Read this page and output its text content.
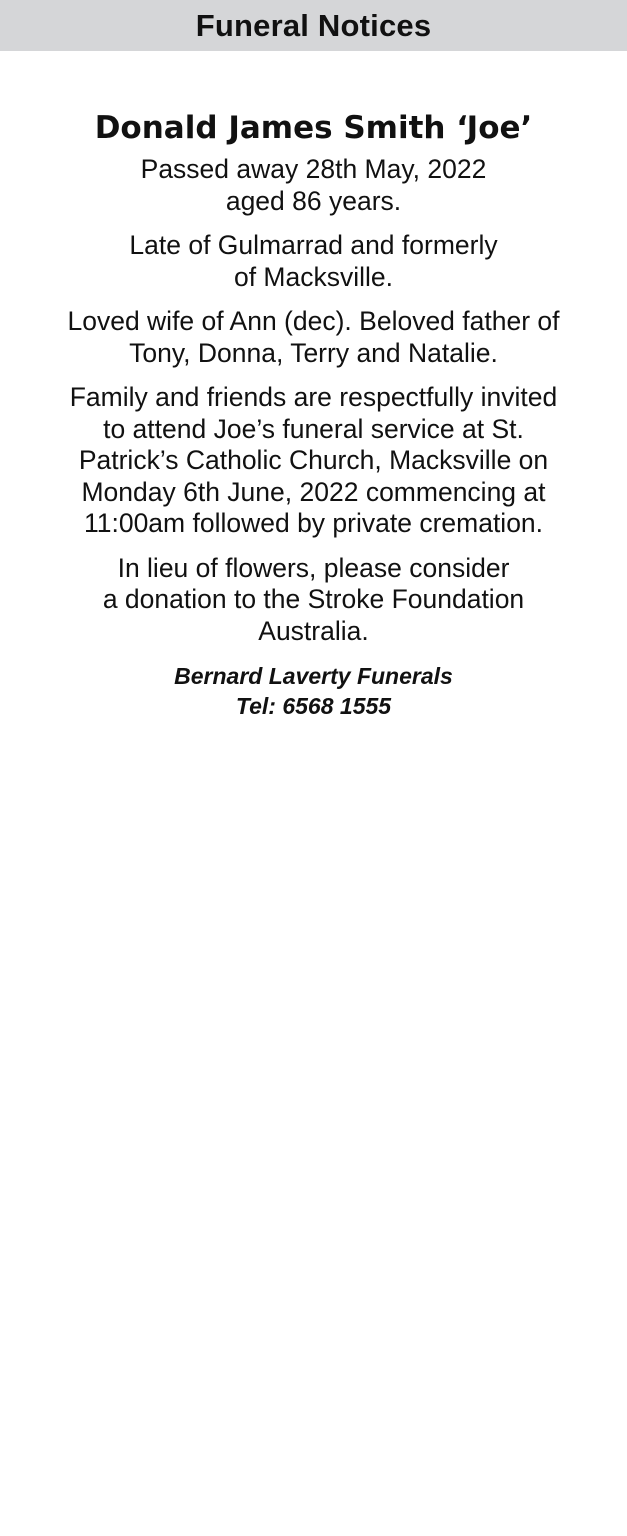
Funeral Notices
Donald James Smith ‘Joe’
Passed away 28th May, 2022
aged 86 years.
Late of Gulmarrad and formerly
of Macksville.
Loved wife of Ann (dec). Beloved father of
Tony, Donna, Terry and Natalie.
Family and friends are respectfully invited
to attend Joe’s funeral service at St.
Patrick’s Catholic Church, Macksville on
Monday 6th June, 2022 commencing at
11:00am followed by private cremation.
In lieu of flowers, please consider
a donation to the Stroke Foundation
Australia.
Bernard Laverty Funerals
Tel: 6568 1555
